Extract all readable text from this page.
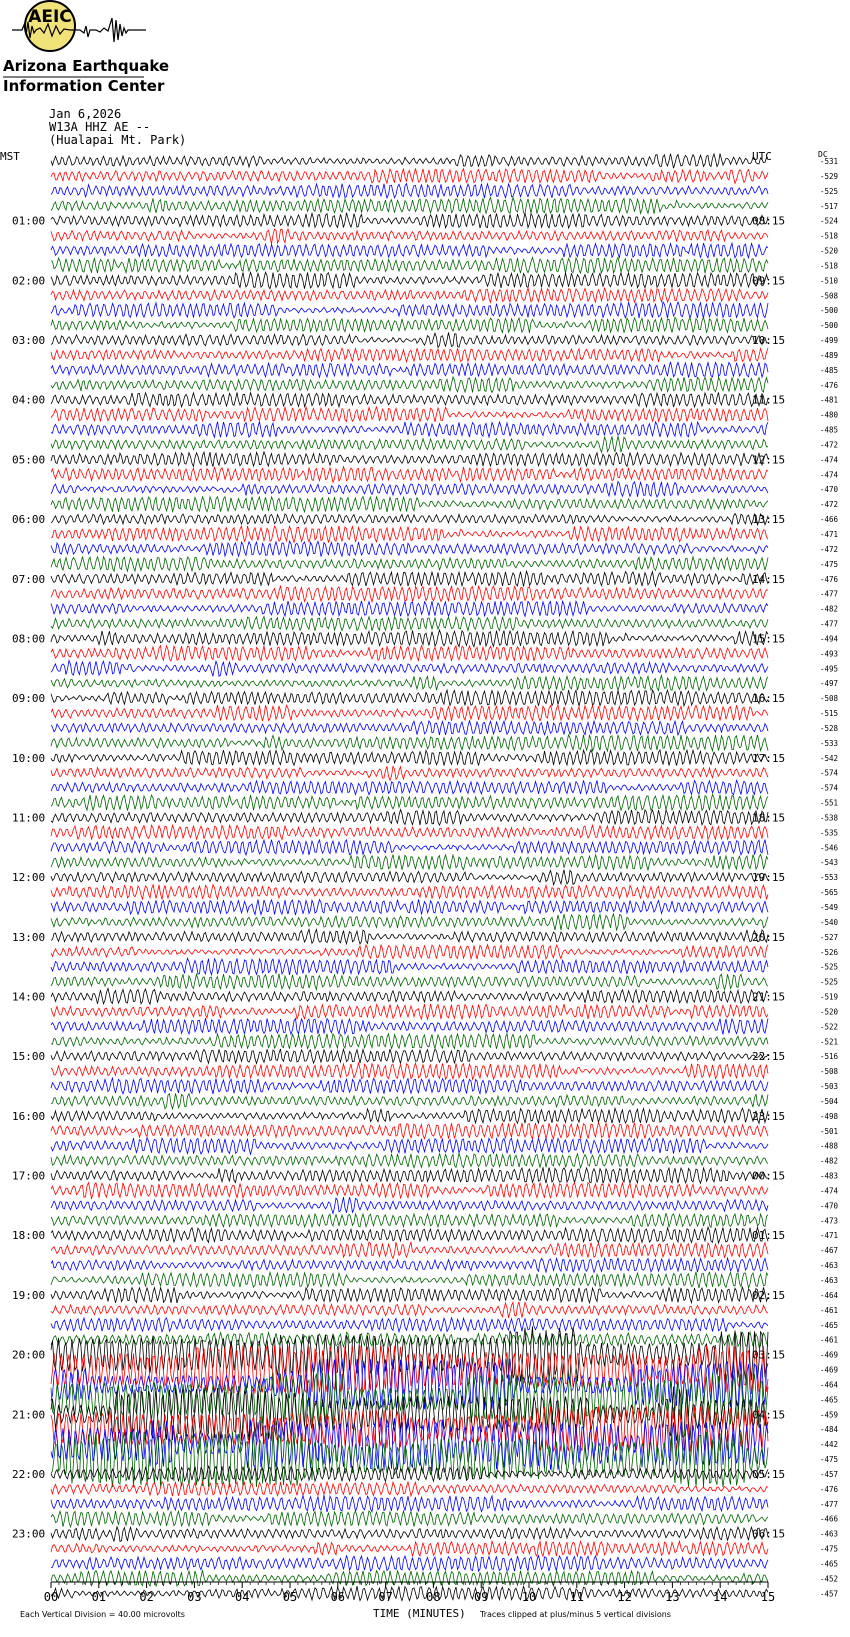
AEIC
Arizona Earthquake
Information Center
Jan 6,2026
W13A HHZ AE --
(Hualapai Mt. Park)
MST	UTC	DC
01:00
02:00
03:00
04:00
05:00
06:00
07:00
08:00
09:00
10:00
11:00
12:00
13:00
14:00
15:00
16:00
17:00
18:00
19:00
20:00
21:00
22:00
23:00
08:15
09:15
10:15
11:15
12:15
13:15
14:15
15:15
16:15
17:15
18:15
19:15
20:15
21:15
22:15
23:15
00:15
01:15
02:15
03:15
04:15
05:15
06:15
-531
-529
-525
-517
-524
-518
-520
-518
-510
-508
-500
-500
-499
-489
-485
-476
-481
-480
-485
-472
-474
-474
-470
-472
-466
-471
-472
-475
-476
-477
-482
-477
-494
-493
-495
-497
-508
-515
-528
-533
-542
-574
-574
-551
-538
-535
-546
-543
-553
-565
-549
-540
-527
-526
-525
-525
-519
-520
-522
-521
-516
-508
-503
-504
-498
-501
-488
-482
-483
-474
-470
-473
-471
-467
-463
-463
-464
-461
-465
-461
-469
-469
-464
-465
-459
-484
-442
-475
-457
-476
-477
-466
-463
-475
-465
-452
-457
00	01	02	03	04	05	06	07	08	09	10	11	12	13	14	15
TIME (MINUTES)
Each Vertical Division = 40.00 microvolts	Traces clipped at plus/minus 5 vertical divisions
